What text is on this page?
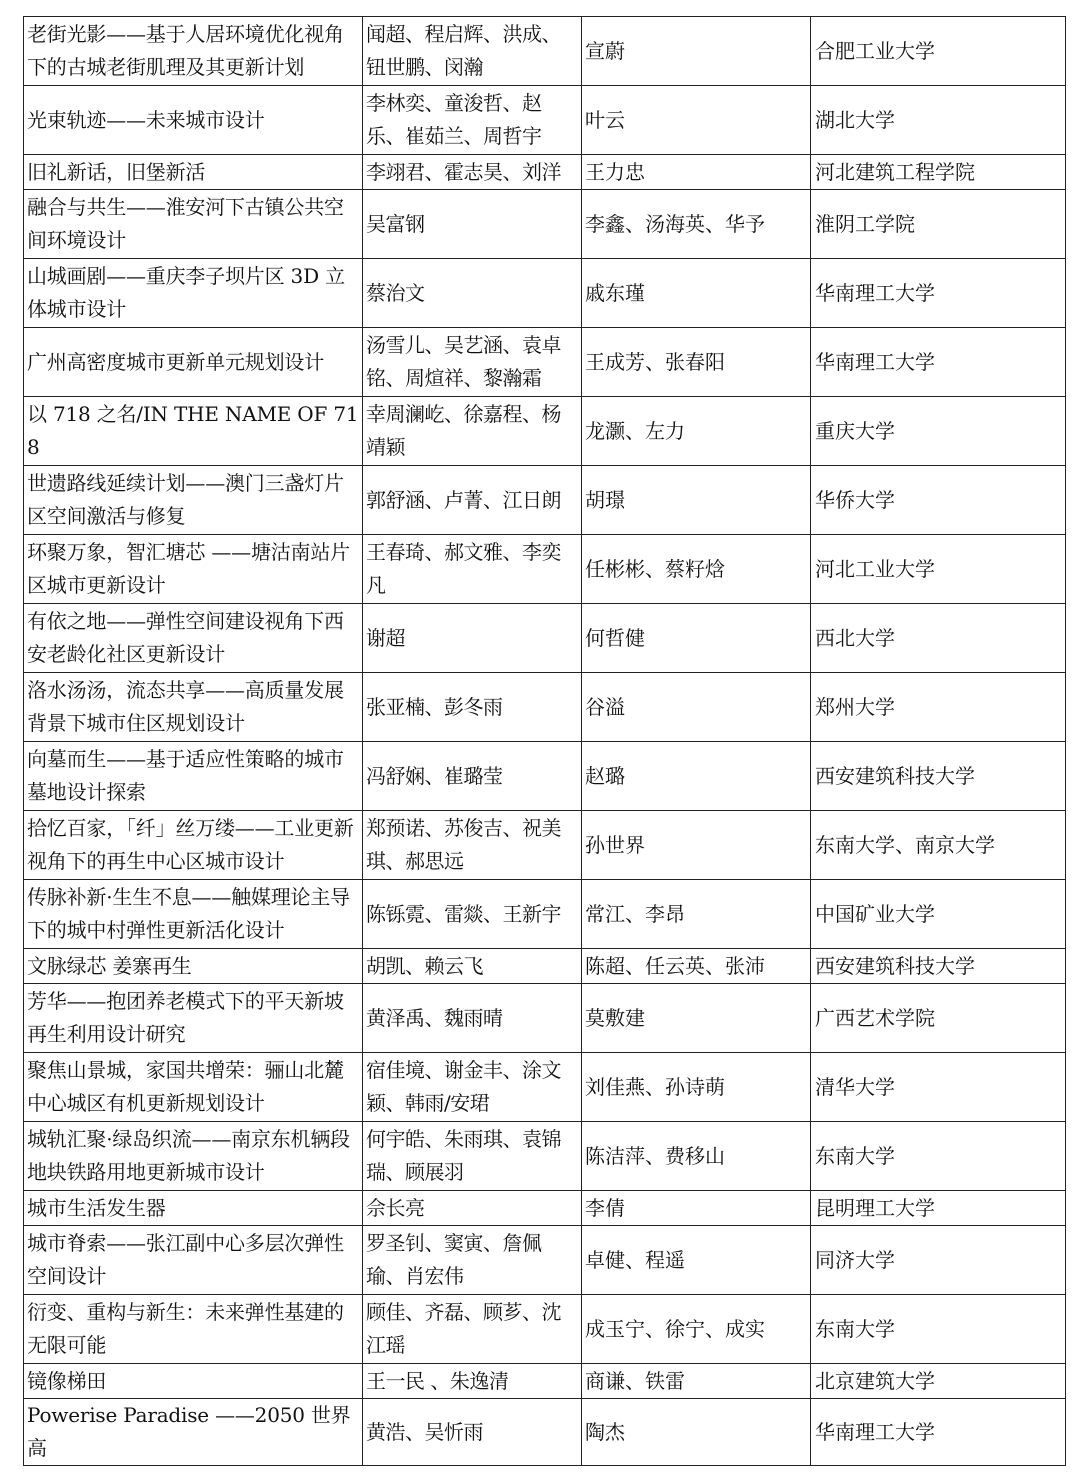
老街光影——基于人居环境优化视角下的古城老街肌理及其更新计划	闻超、程启辉、洪成、钮世鹏、闵瀚	宣蔚	合肥工业大学
光束轨迹——未来城市设计	李林奕、童浚哲、赵乐、崔茹兰、周哲宇	叶云	湖北大学
旧礼新话，旧堡新活	李翊君、霍志昊、刘洋	王力忠	河北建筑工程学院
融合与共生——淮安河下古镇公共空间环境设计	吴富钢	李鑫、汤海英、华予	淮阴工学院
山城画剧——重庆李子坝片区 3D 立体城市设计	蔡治文	戚东瑾	华南理工大学
广州高密度城市更新单元规划设计	汤雪儿、吴艺涵、袁卓铭、周煊祥、黎瀚霜	王成芳、张春阳	华南理工大学
以 718 之名/IN THE NAME OF 718	幸周澜屹、徐嘉程、杨靖颖	龙灏、左力	重庆大学
世遗路线延续计划——澳门三盏灯片区空间激活与修复	郭舒涵、卢菁、江日朗	胡璟	华侨大学
环聚万象，智汇塘芯 ——塘沽南站片区城市更新设计	王春琦、郝文雅、李奕凡	任彬彬、蔡籽焓	河北工业大学
有依之地——弹性空间建设视角下西安老龄化社区更新设计	谢超	何哲健	西北大学
洛水汤汤，流态共享——高质量发展背景下城市住区规划设计	张亚楠、彭冬雨	谷溢	郑州大学
向墓而生——基于适应性策略的城市墓地设计探索	冯舒娴、崔璐莹	赵璐	西安建筑科技大学
拾忆百家，「纤」丝万缕——工业更新视角下的再生中心区城市设计	郑预诺、苏俊吉、祝美琪、郝思远	孙世界	东南大学、南京大学
传脉补新·生生不息——触媒理论主导下的城中村弹性更新活化设计	陈铄霓、雷燚、王新宇	常江、李昂	中国矿业大学
文脉绿芯 姜寨再生	胡凯、赖云飞	陈超、任云英、张沛	西安建筑科技大学
芳华——抱团养老模式下的平天新坡再生利用设计研究	黄泽禹、魏雨晴	莫敷建	广西艺术学院
聚焦山景城，家国共增荣：骊山北麓中心城区有机更新规划设计	宿佳境、谢金丰、涂文颖、韩雨/安珺	刘佳燕、孙诗萌	清华大学
城轨汇聚·绿岛织流——南京东机辆段地块铁路用地更新城市设计	何宇皓、朱雨琪、袁锦瑞、顾展羽	陈洁萍、费移山	东南大学
城市生活发生器	佘长亮	李倩	昆明理工大学
城市脊索——张江副中心多层次弹性空间设计	罗圣钊、窦寅、詹佩瑜、肖宏伟	卓健、程遥	同济大学
衍变、重构与新生：未来弹性基建的无限可能	顾佳、齐磊、顾芗、沈江瑶	成玉宁、徐宁、成实	东南大学
镜像梯田	王一民 、朱逸清	商谦、铁雷	北京建筑大学
Powerise Paradise ——2050 世界高	黄浩、吴忻雨	陶杰	华南理工大学
